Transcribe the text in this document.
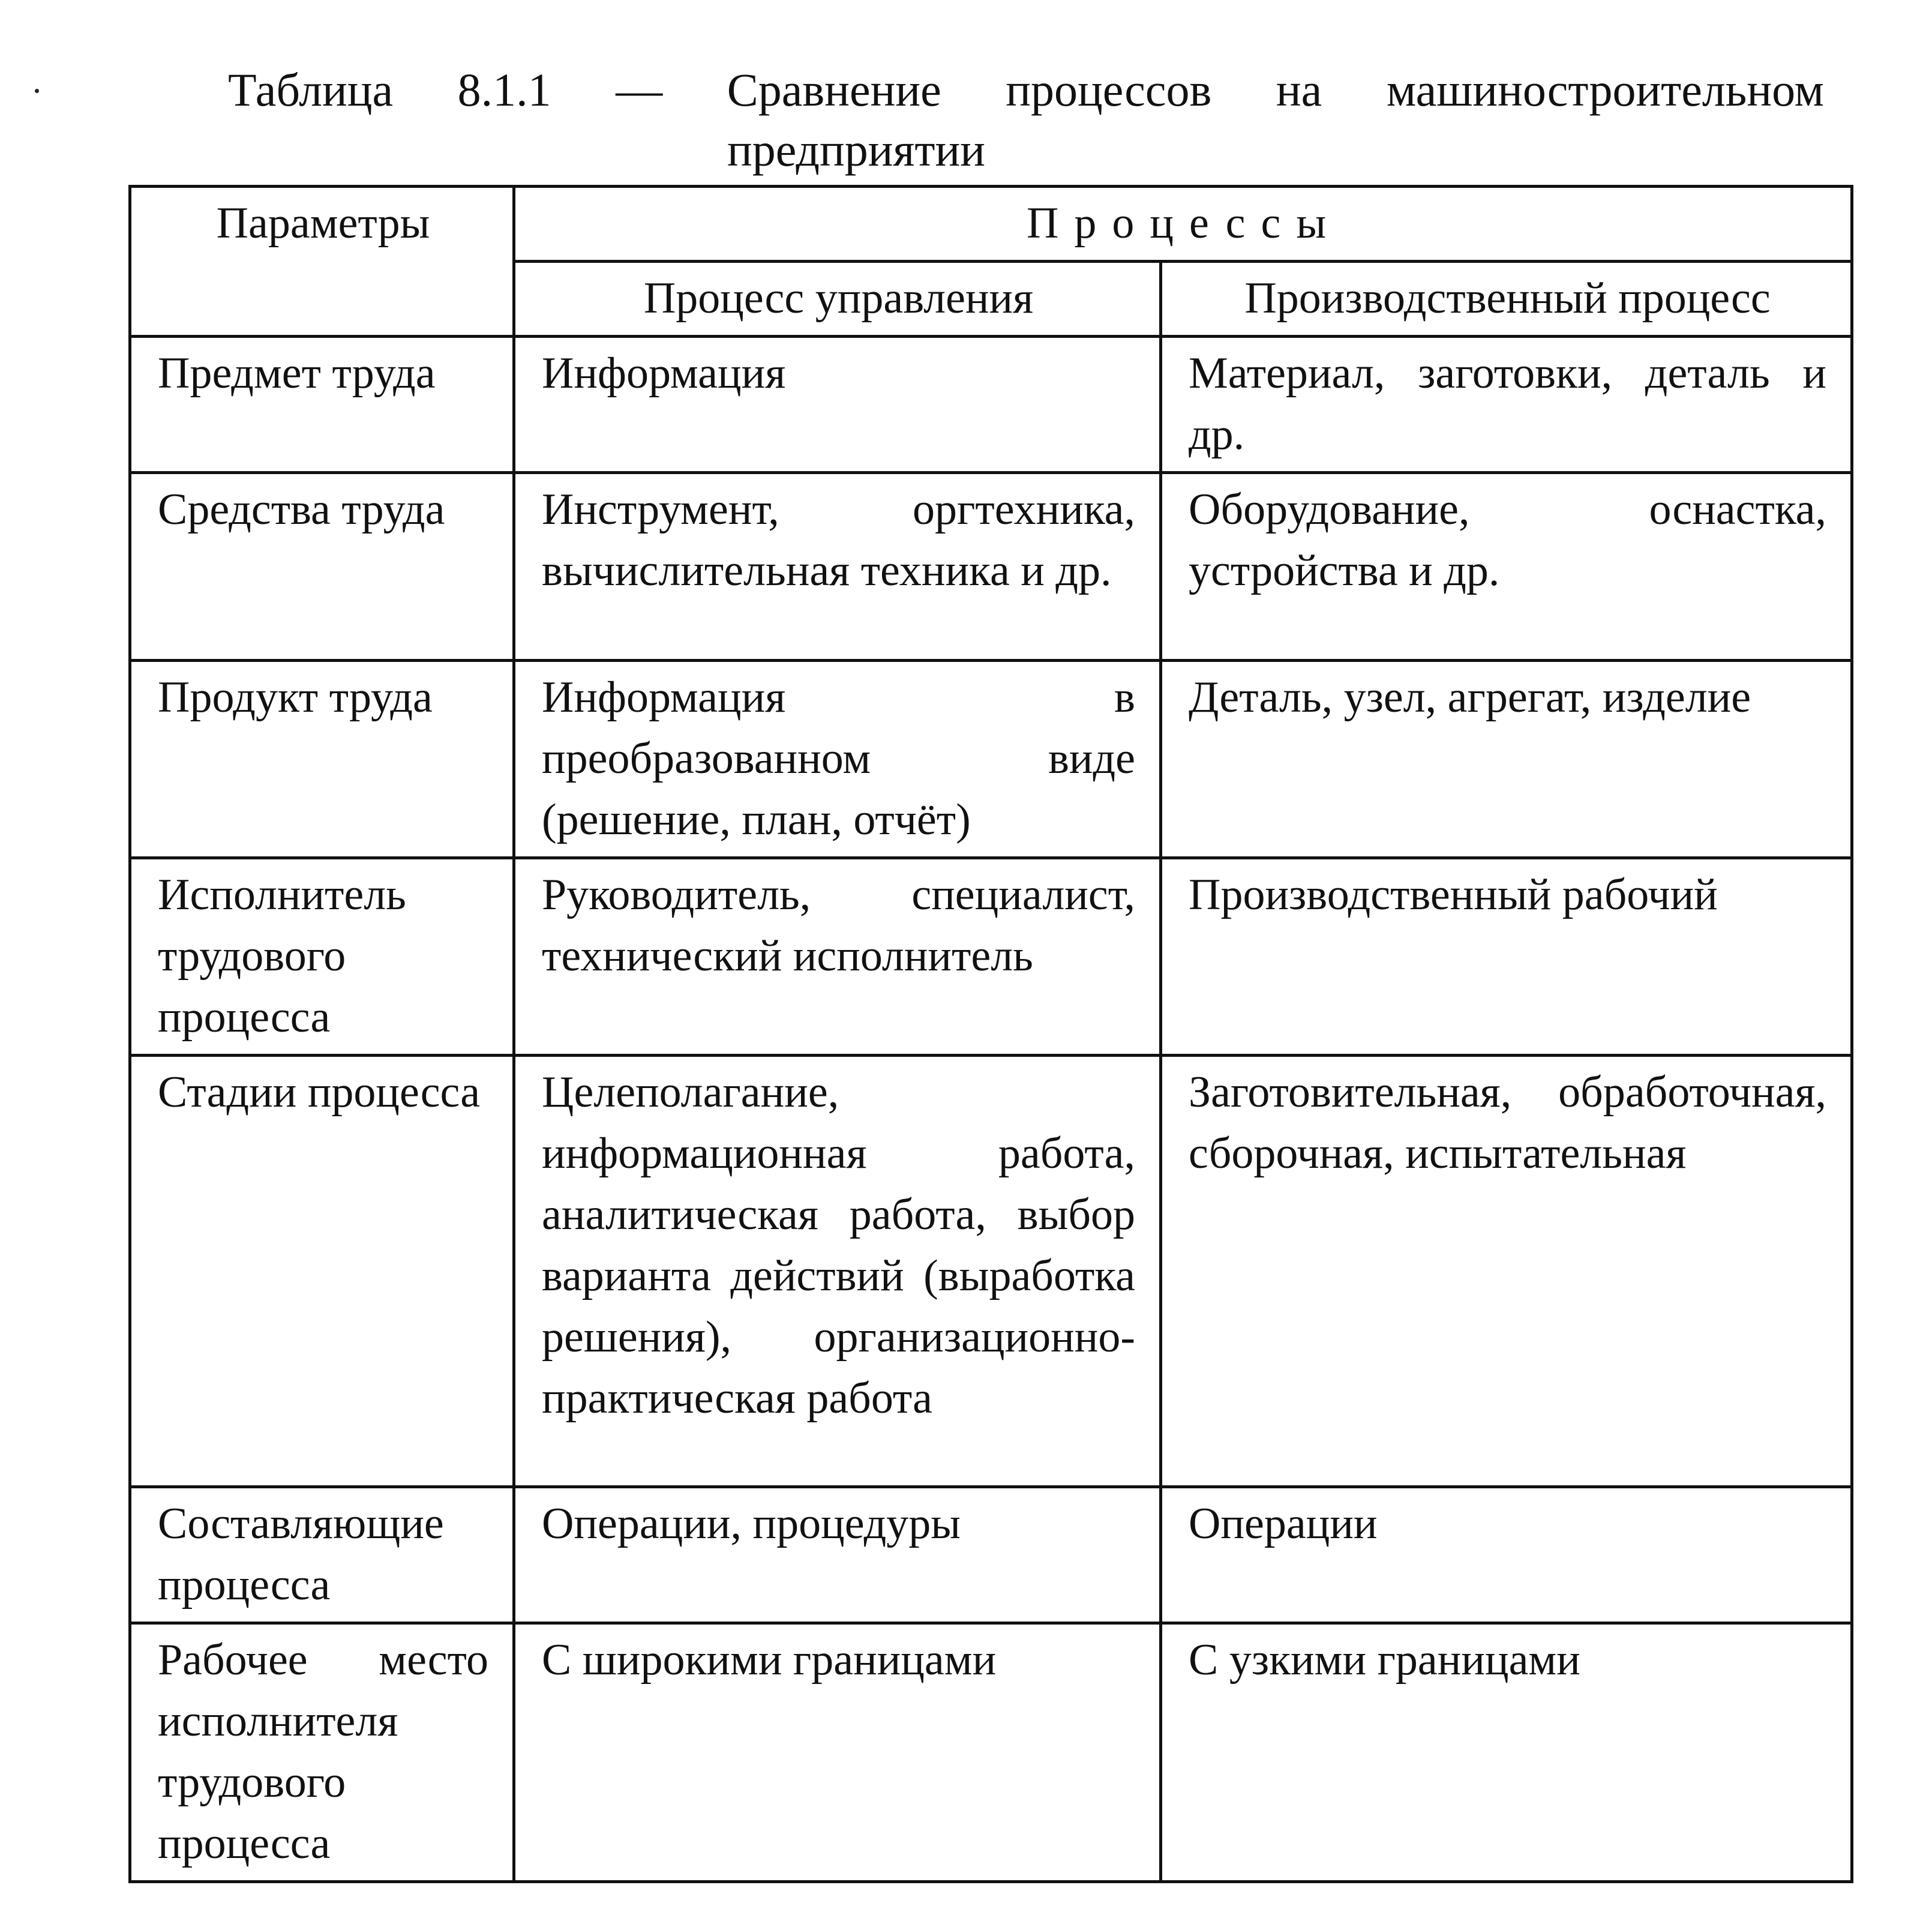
Таблица 8.1.1 — Сравнение процессов на машиностроительном
предприятии
Параметры	Процессы	
	Процесс управления	Производственный процесс
Предмет труда	Информация	Материал, заготовки, деталь и др.
Средства труда	Инструмент, оргтехника, вычислительная техника и др.	Оборудование, оснастка, устройства и др.
Продукт труда	Информация в преобразованном виде (решение, план, отчёт)	Деталь, узел, агрегат, изделие
Исполнитель трудового процесса	Руководитель, специалист, технический исполнитель	Производственный рабочий
Стадии процесса	Целеполагание, информационная работа, аналитическая работа, выбор варианта действий (выработка решения), организационно-практическая работа	Заготовительная, обработочная, сборочная, испытательная
Составляющие процесса	Операции, процедуры	Операции
Рабочее место исполнителя трудового процесса	С широкими границами	С узкими границами
